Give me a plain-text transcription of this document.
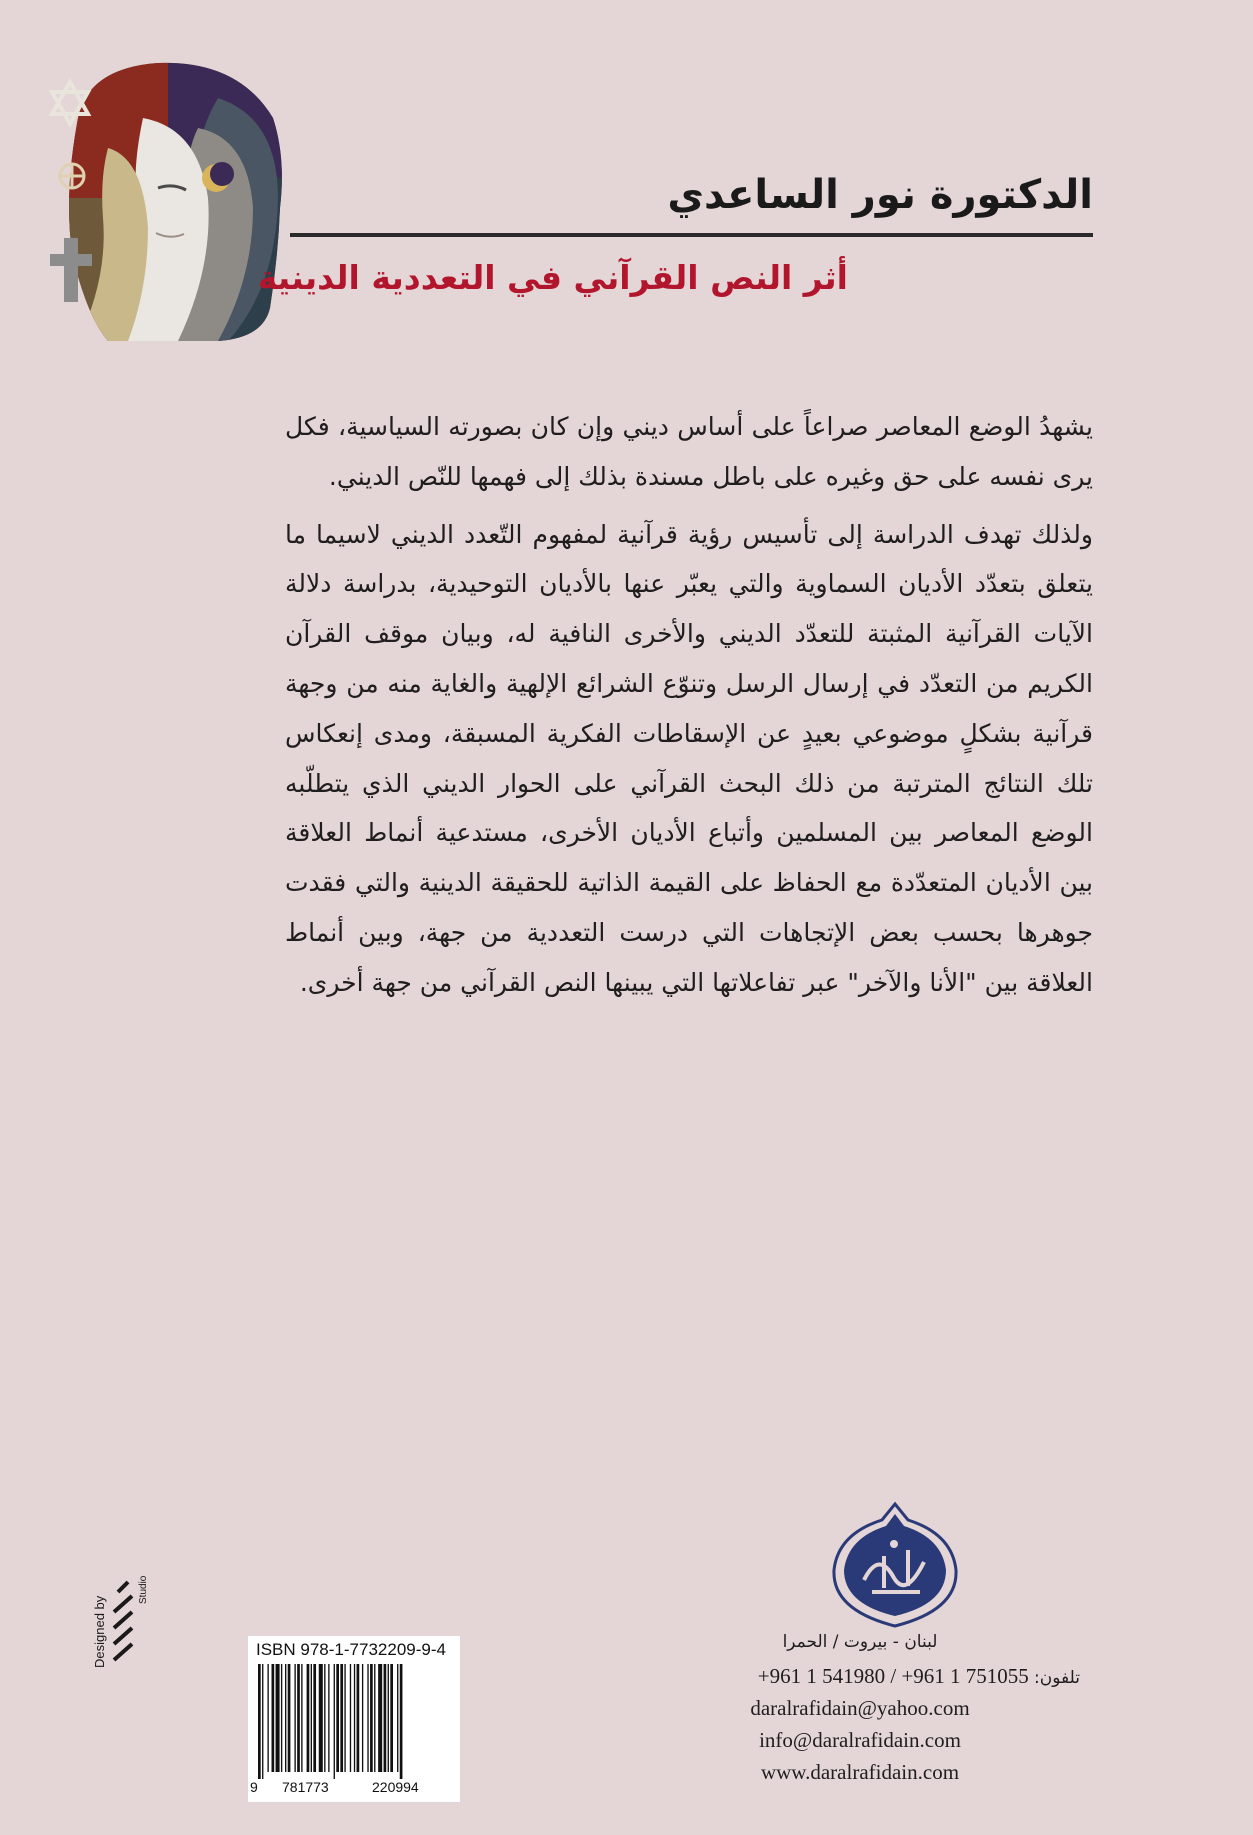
الدكتورة نور الساعدي
أثر النص القرآني في التعددية الدينية

يشهدُ الوضع المعاصر صراعاً على أساس ديني وإن كان بصورته السياسية، فكل يرى نفسه على حق وغيره على باطل مسندة بذلك إلى فهمها للنّص الديني.

ولذلك تهدف الدراسة إلى تأسيس رؤية قرآنية لمفهوم التّعدد الديني لاسيما ما يتعلق بتعدّد الأديان السماوية والتي يعبّر عنها بالأديان التوحيدية، بدراسة دلالة الآيات القرآنية المثبتة للتعدّد الديني والأخرى النافية له، وبيان موقف القرآن الكريم من التعدّد في إرسال الرسل وتنوّع الشرائع الإلهية والغاية منه من وجهة قرآنية بشكلٍ موضوعي بعيدٍ عن الإسقاطات الفكرية المسبقة، ومدى إنعكاس تلك النتائج المترتبة من ذلك البحث القرآني على الحوار الديني الذي يتطلّبه الوضع المعاصر بين المسلمين وأتباع الأديان الأخرى، مستدعية أنماط العلاقة بين الأديان المتعدّدة مع الحفاظ على القيمة الذاتية للحقيقة الدينية والتي فقدت جوهرها بحسب بعض الإتجاهات التي درست التعددية من جهة، وبين أنماط العلاقة بين "الأنا والآخر" عبر تفاعلاتها التي يبينها النص القرآني من جهة أخرى.

Designed by
Studio
ISBN 978-1-7732209-9-4
9 781773	220994
لبنان - بيروت / الحمرا
تلفون: +961 1 751055 / +961 1 541980
daralrafidain@yahoo.com
info@daralrafidain.com
www.daralrafidain.com
